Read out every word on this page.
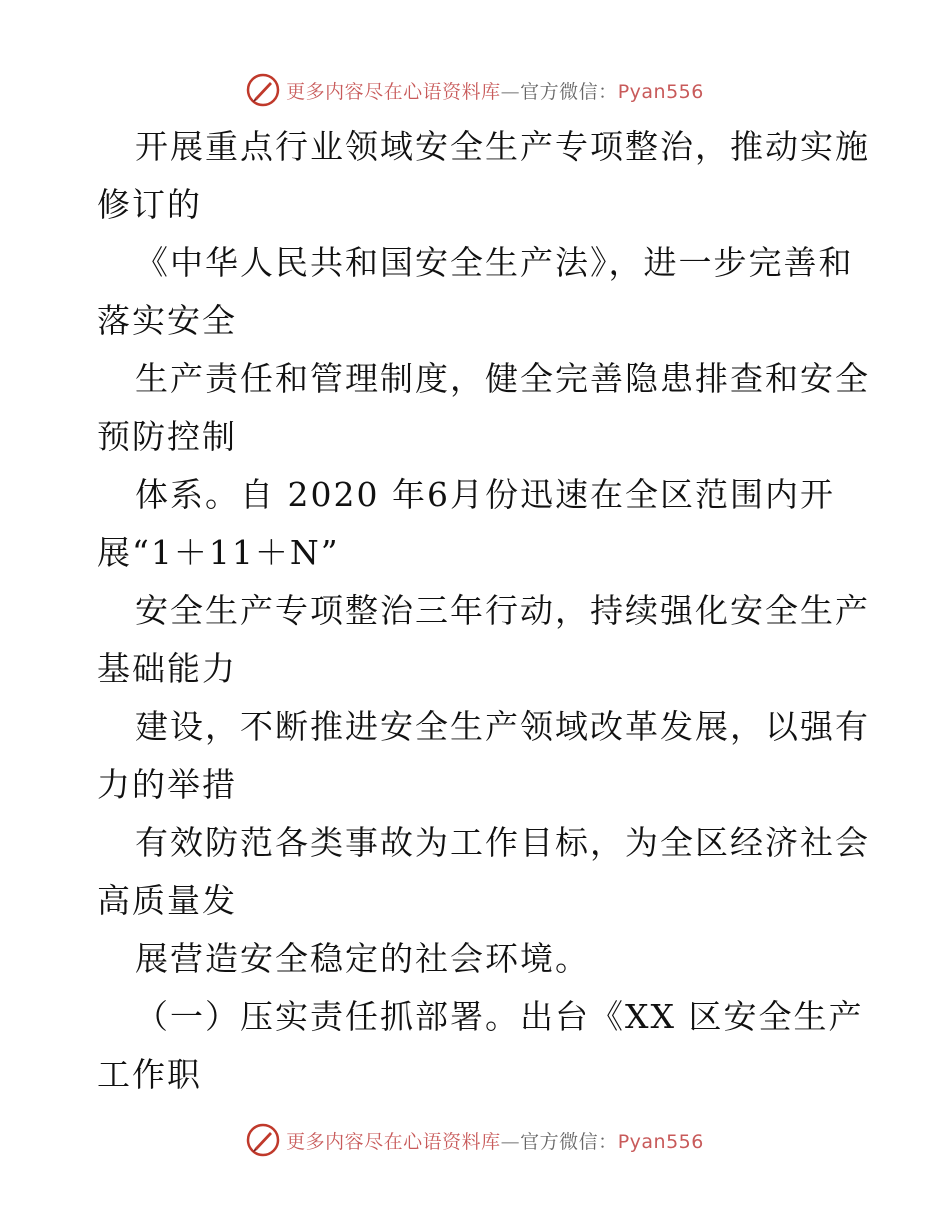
更多内容尽在心语资料库—官方微信：Pyan556
开展重点行业领域安全生产专项整治，推动实施
修订的
《中华人民共和国安全生产法》，进一步完善和
落实安全
生产责任和管理制度，健全完善隐患排查和安全
预防控制
体系。自 2020 年6月份迅速在全区范围内开
展“1＋11＋N”
安全生产专项整治三年行动，持续强化安全生产
基础能力
建设，不断推进安全生产领域改革发展，以强有
力的举措
有效防范各类事故为工作目标，为全区经济社会
高质量发
展营造安全稳定的社会环境。
（一）压实责任抓部署。出台《XX 区安全生产
工作职
更多内容尽在心语资料库—官方微信：Pyan556
